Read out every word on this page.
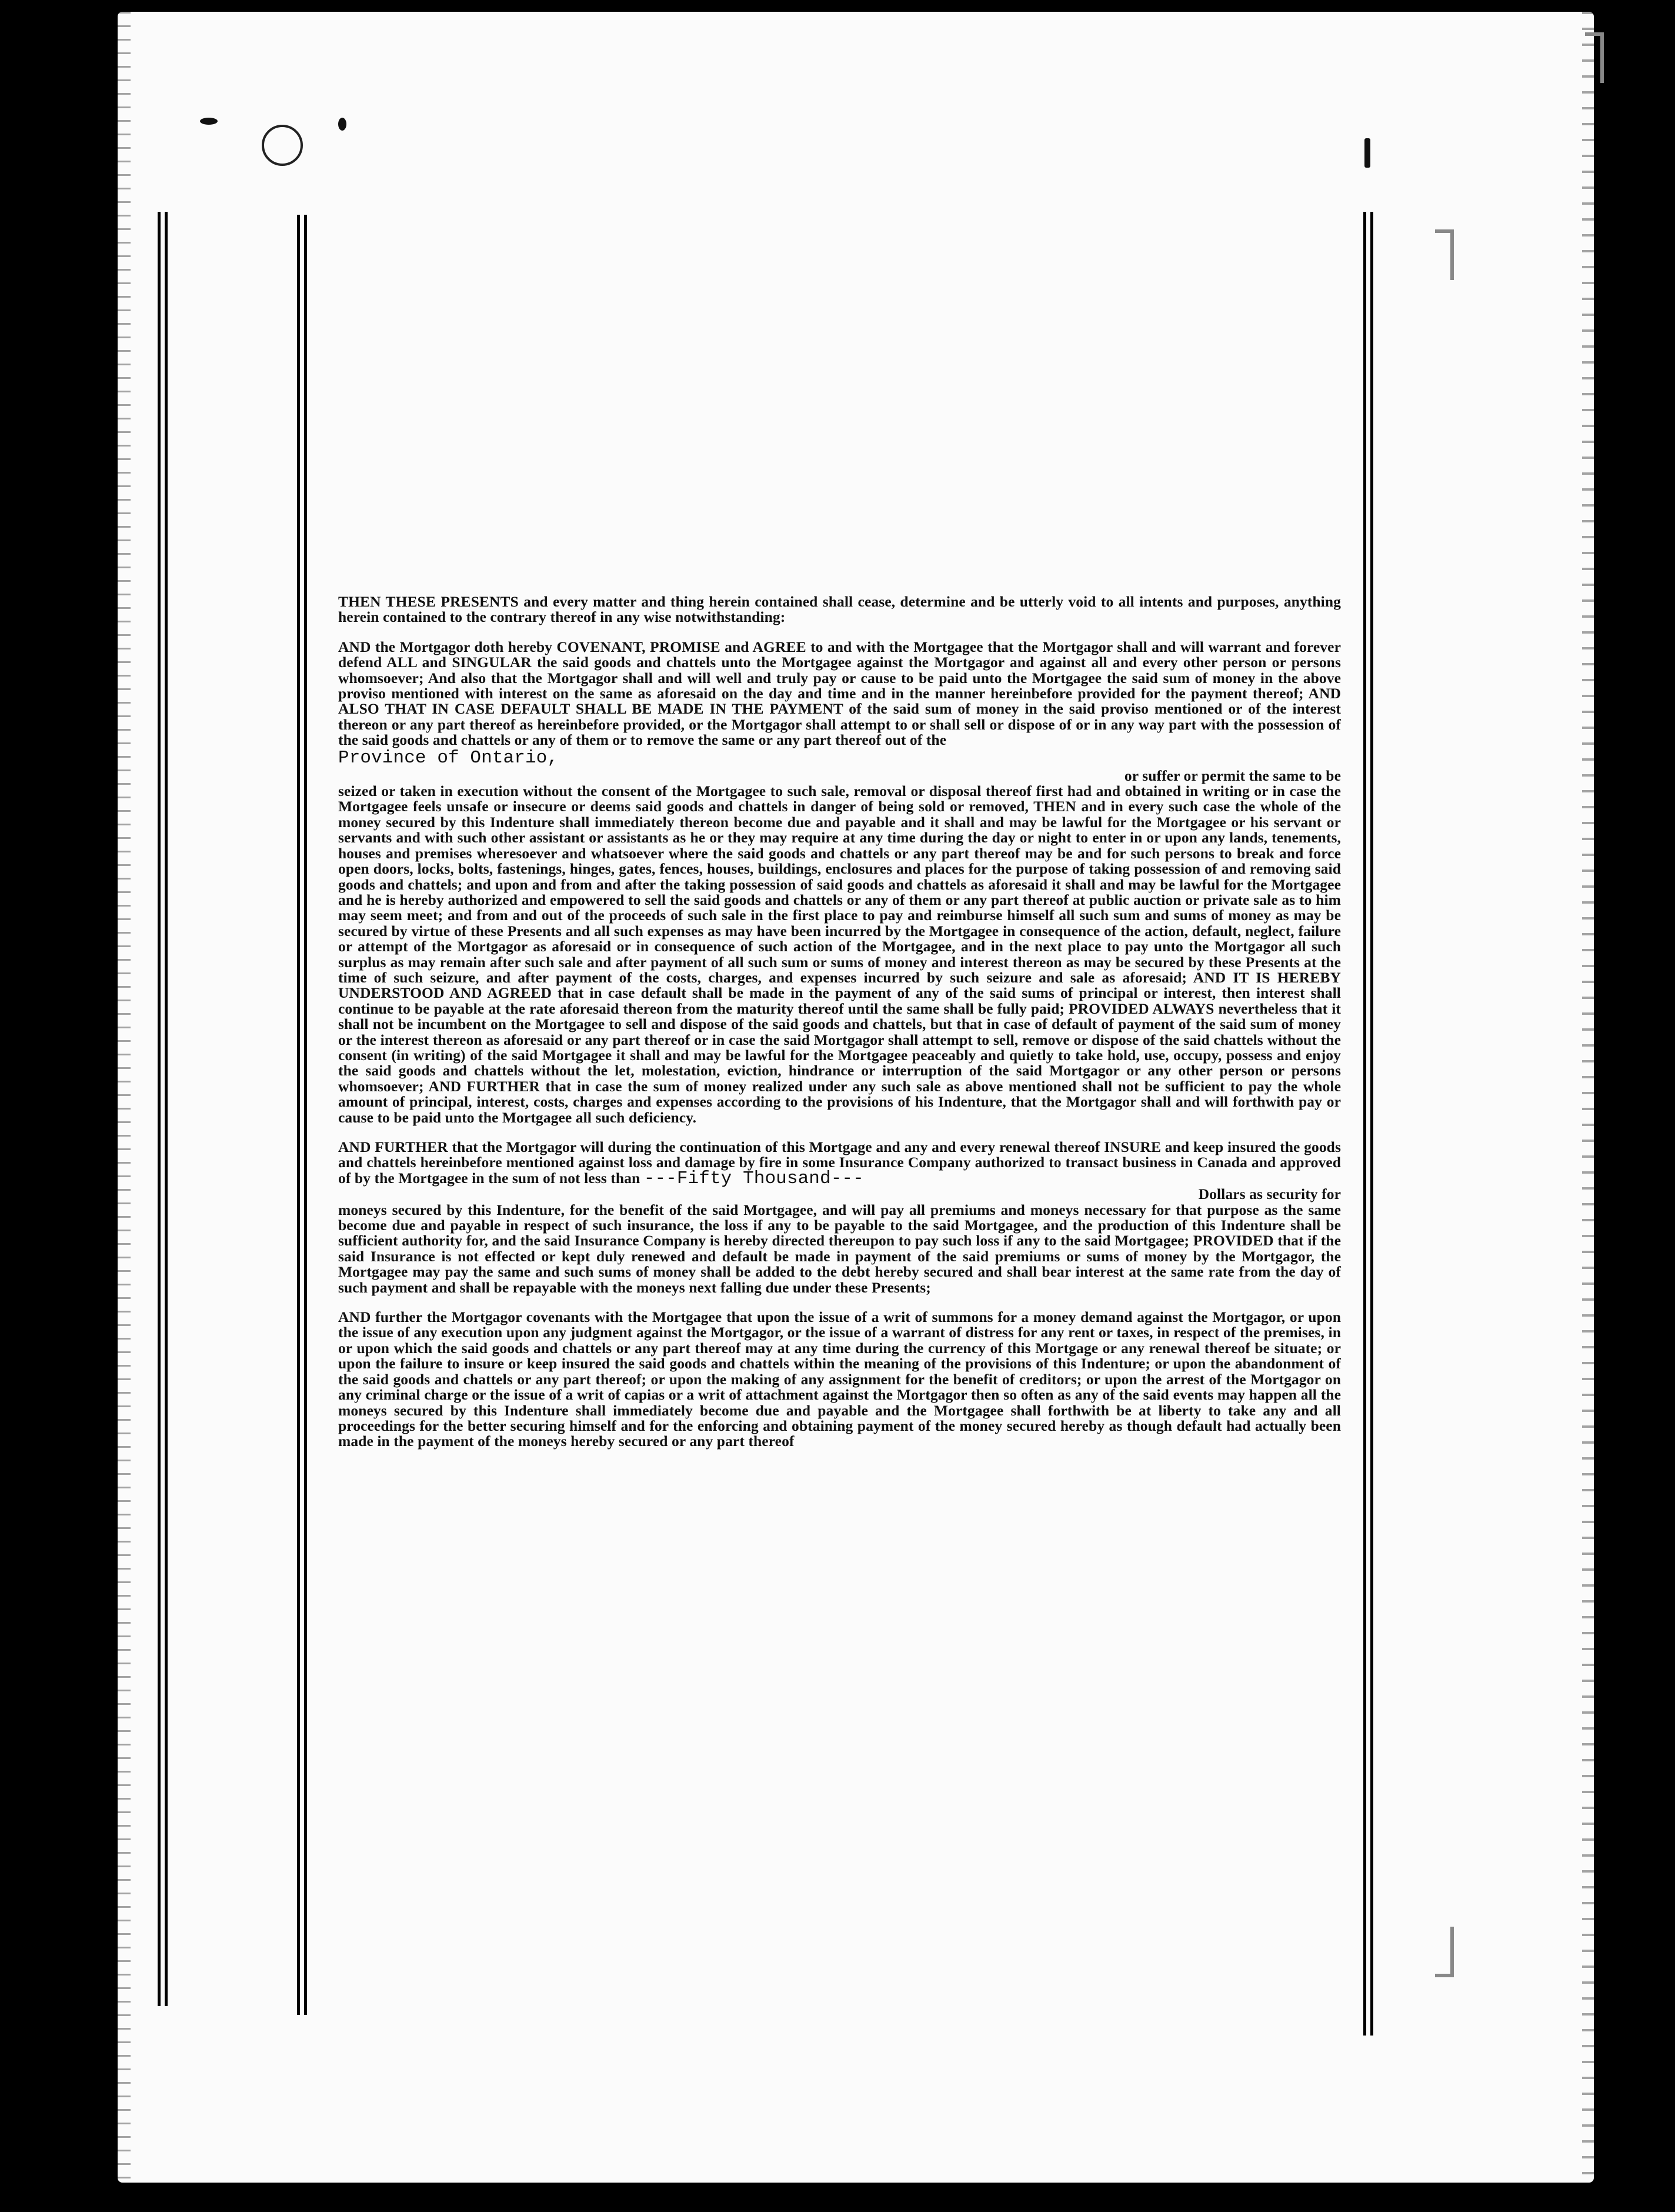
THEN THESE PRESENTS and every matter and thing herein contained shall cease, determine and be utterly void to all intents and purposes, anything herein contained to the contrary thereof in any wise notwithstanding:

AND the Mortgagor doth hereby COVENANT, PROMISE and AGREE to and with the Mortgagee that the Mortgagor shall and will warrant and forever defend ALL and SINGULAR the said goods and chattels unto the Mortgagee against the Mortgagor and against all and every other person or persons whomsoever; And also that the Mortgagor shall and will well and truly pay or cause to be paid unto the Mortgagee the said sum of money in the above proviso mentioned with interest on the same as aforesaid on the day and time and in the manner hereinbefore provided for the payment thereof; AND ALSO THAT IN CASE DEFAULT SHALL BE MADE IN THE PAYMENT of the said sum of money in the said proviso mentioned or of the interest thereon or any part thereof as hereinbefore provided, or the Mortgagor shall attempt to or shall sell or dispose of or in any way part with the possession of the said goods and chattels or any of them or to remove the same or any part thereof out of the
Province of Ontario,
or suffer or permit the same to be
seized or taken in execution without the consent of the Mortgagee to such sale, removal or disposal thereof first had and obtained in writing or in case the Mortgagee feels unsafe or insecure or deems said goods and chattels in danger of being sold or removed, THEN and in every such case the whole of the money secured by this Indenture shall immediately thereon become due and payable and it shall and may be lawful for the Mortgagee or his servant or servants and with such other assistant or assistants as he or they may require at any time during the day or night to enter in or upon any lands, tenements, houses and premises wheresoever and whatsoever where the said goods and chattels or any part thereof may be and for such persons to break and force open doors, locks, bolts, fastenings, hinges, gates, fences, houses, buildings, enclosures and places for the purpose of taking possession of and removing said goods and chattels; and upon and from and after the taking possession of said goods and chattels as aforesaid it shall and may be lawful for the Mortgagee and he is hereby authorized and empowered to sell the said goods and chattels or any of them or any part thereof at public auction or private sale as to him may seem meet; and from and out of the proceeds of such sale in the first place to pay and reimburse himself all such sum and sums of money as may be secured by virtue of these Presents and all such expenses as may have been incurred by the Mortgagee in consequence of the action, default, neglect, failure or attempt of the Mortgagor as aforesaid or in consequence of such action of the Mortgagee, and in the next place to pay unto the Mortgagor all such surplus as may remain after such sale and after payment of all such sum or sums of money and interest thereon as may be secured by these Presents at the time of such seizure, and after payment of the costs, charges, and expenses incurred by such seizure and sale as aforesaid; AND IT IS HEREBY UNDERSTOOD AND AGREED that in case default shall be made in the payment of any of the said sums of principal or interest, then interest shall continue to be payable at the rate aforesaid thereon from the maturity thereof until the same shall be fully paid; PROVIDED ALWAYS nevertheless that it shall not be incumbent on the Mortgagee to sell and dispose of the said goods and chattels, but that in case of default of payment of the said sum of money or the interest thereon as aforesaid or any part thereof or in case the said Mortgagor shall attempt to sell, remove or dispose of the said chattels without the consent (in writing) of the said Mortgagee it shall and may be lawful for the Mortgagee peaceably and quietly to take hold, use, occupy, possess and enjoy the said goods and chattels without the let, molestation, eviction, hindrance or interruption of the said Mortgagor or any other person or persons whomsoever; AND FURTHER that in case the sum of money realized under any such sale as above mentioned shall not be sufficient to pay the whole amount of principal, interest, costs, charges and expenses according to the provisions of his Indenture, that the Mortgagor shall and will forthwith pay or cause to be paid unto the Mortgagee all such deficiency.

AND FURTHER that the Mortgagor will during the continuation of this Mortgage and any and every renewal thereof INSURE and keep insured the goods and chattels hereinbefore mentioned against loss and damage by fire in some Insurance Company authorized to transact business in Canada and approved of by the Mortgagee in the sum of not less than ---Fifty Thousand---
Dollars as security for
moneys secured by this Indenture, for the benefit of the said Mortgagee, and will pay all premiums and moneys necessary for that purpose as the same become due and payable in respect of such insurance, the loss if any to be payable to the said Mortgagee, and the production of this Indenture shall be sufficient authority for, and the said Insurance Company is hereby directed thereupon to pay such loss if any to the said Mortgagee; PROVIDED that if the said Insurance is not effected or kept duly renewed and default be made in payment of the said premiums or sums of money by the Mortgagor, the Mortgagee may pay the same and such sums of money shall be added to the debt hereby secured and shall bear interest at the same rate from the day of such payment and shall be repayable with the moneys next falling due under these Presents;

AND further the Mortgagor covenants with the Mortgagee that upon the issue of a writ of summons for a money demand against the Mortgagor, or upon the issue of any execution upon any judgment against the Mortgagor, or the issue of a warrant of distress for any rent or taxes, in respect of the premises, in or upon which the said goods and chattels or any part thereof may at any time during the currency of this Mortgage or any renewal thereof be situate; or upon the failure to insure or keep insured the said goods and chattels within the meaning of the provisions of this Indenture; or upon the abandonment of the said goods and chattels or any part thereof; or upon the making of any assignment for the benefit of creditors; or upon the arrest of the Mortgagor on any criminal charge or the issue of a writ of capias or a writ of attachment against the Mortgagor then so often as any of the said events may happen all the moneys secured by this Indenture shall immediately become due and payable and the Mortgagee shall forthwith be at liberty to take any and all proceedings for the better securing himself and for the enforcing and obtaining payment of the money secured hereby as though default had actually been made in the payment of the moneys hereby secured or any part thereof
